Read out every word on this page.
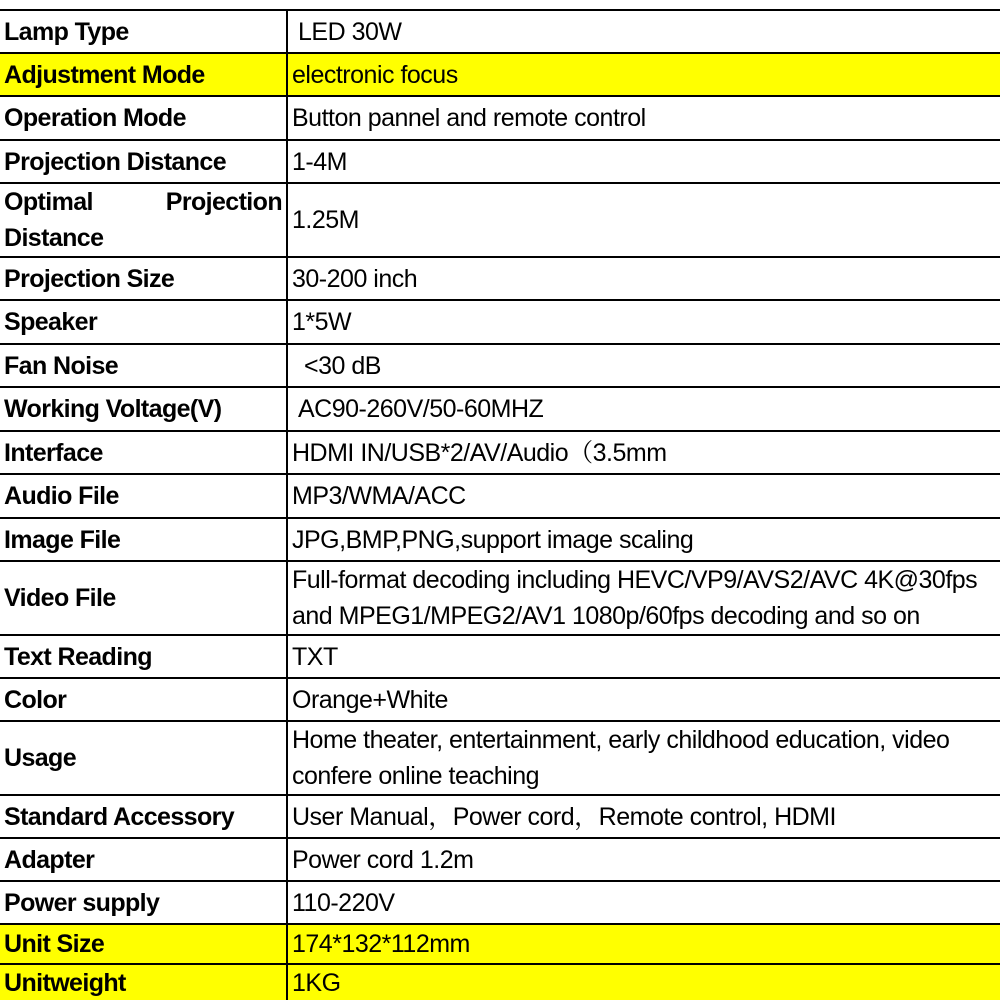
Lamp Type	LED 30W
Adjustment Mode	electronic focus
Operation Mode	Button pannel and remote control
Projection Distance	1-4M
Optimal Projection Distance	1.25M
Projection Size	30-200 inch
Speaker	1*5W
Fan Noise	<30 dB
Working Voltage(V)	AC90-260V/50-60MHZ
Interface	HDMI IN/USB*2/AV/Audio（3.5mm
Audio File	MP3/WMA/ACC
Image File	JPG,BMP,PNG,support image scaling
Video File	Full-format decoding including HEVC/VP9/AVS2/AVC 4K@30fps and MPEG1/MPEG2/AV1 1080p/60fps decoding and so on
Text Reading	TXT
Color	Orange+White
Usage	Home theater, entertainment, early childhood education, video confere online teaching
Standard Accessory	User Manual，Power cord，Remote control, HDMI
Adapter	Power cord 1.2m
Power supply	110-220V
Unit Size	174*132*112mm
Unitweight	1KG
